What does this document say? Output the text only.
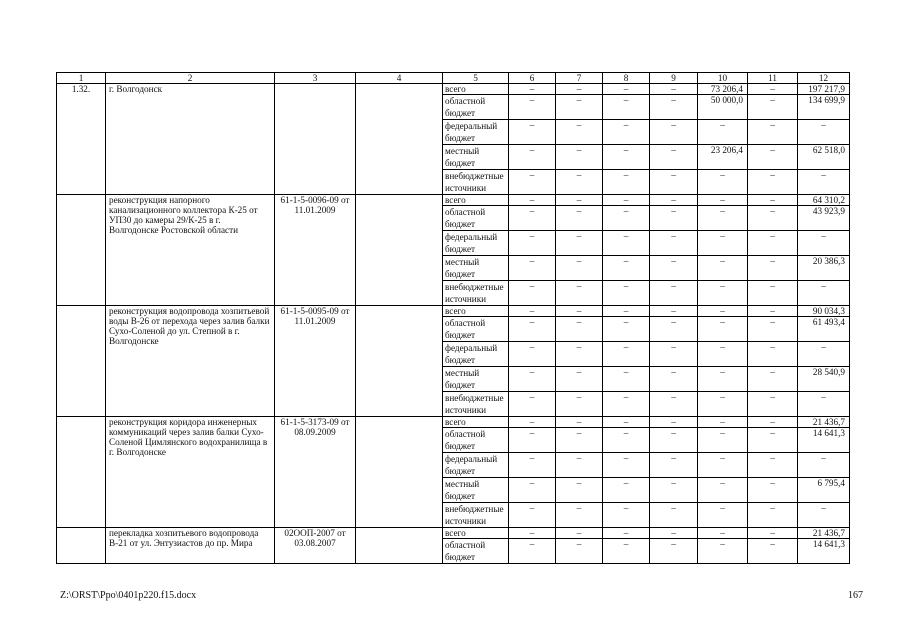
1	2	3	4	5	6	7	8	9	10	11	12
1.32.	г. Волгодонск			всего	–	–	–	–	73 206,4	–	197 217,9
				областной бюджет	–	–	–	–	50 000,0	–	134 699,9
				федеральный бюджет	–	–	–	–	–	–	–
				местный бюджет	–	–	–	–	23 206,4	–	62 518,0
				внебюджетные источники	–	–	–	–	–	–	–
	реконструкция напорного канализационного коллектора К-25 от УП30 до камеры 29/К-25 в г. Волгодонске Ростовской области	61-1-5-0096-09 от 11.01.2009		всего	–	–	–	–	–	–	64 310,2
				областной бюджет	–	–	–	–	–	–	43 923,9
				федеральный бюджет	–	–	–	–	–	–	–
				местный бюджет	–	–	–	–	–	–	20 386,3
				внебюджетные источники	–	–	–	–	–	–	–
	реконструкция водопровода хозпитьевой воды В-26 от перехода через залив балки Сухо-Соленой до ул. Степной в г. Волгодонске	61-1-5-0095-09 от 11.01.2009		всего	–	–	–	–	–	–	90 034,3
				областной бюджет	–	–	–	–	–	–	61 493,4
				федеральный бюджет	–	–	–	–	–	–	–
				местный бюджет	–	–	–	–	–	–	28 540,9
				внебюджетные источники	–	–	–	–	–	–	–
	реконструкция коридора инженерных коммуникаций через залив балки Сухо-Соленой Цимлянского водохранилища в г. Волгодонске	61-1-5-3173-09 от 08.09.2009		всего	–	–	–	–	–	–	21 436,7
				областной бюджет	–	–	–	–	–	–	14 641,3
				федеральный бюджет	–	–	–	–	–	–	–
				местный бюджет	–	–	–	–	–	–	6 795,4
				внебюджетные источники	–	–	–	–	–	–	–
	перекладка хозпитьевого водопровода В-21 от ул. Энтузиастов до пр. Мира	02ООП-2007 от 03.08.2007		всего	–	–	–	–	–	–	21 436,7
				областной бюджет	–	–	–	–	–	–	14 641,3
Z:\ORST\Ppo\0401p220.f15.docx	167
